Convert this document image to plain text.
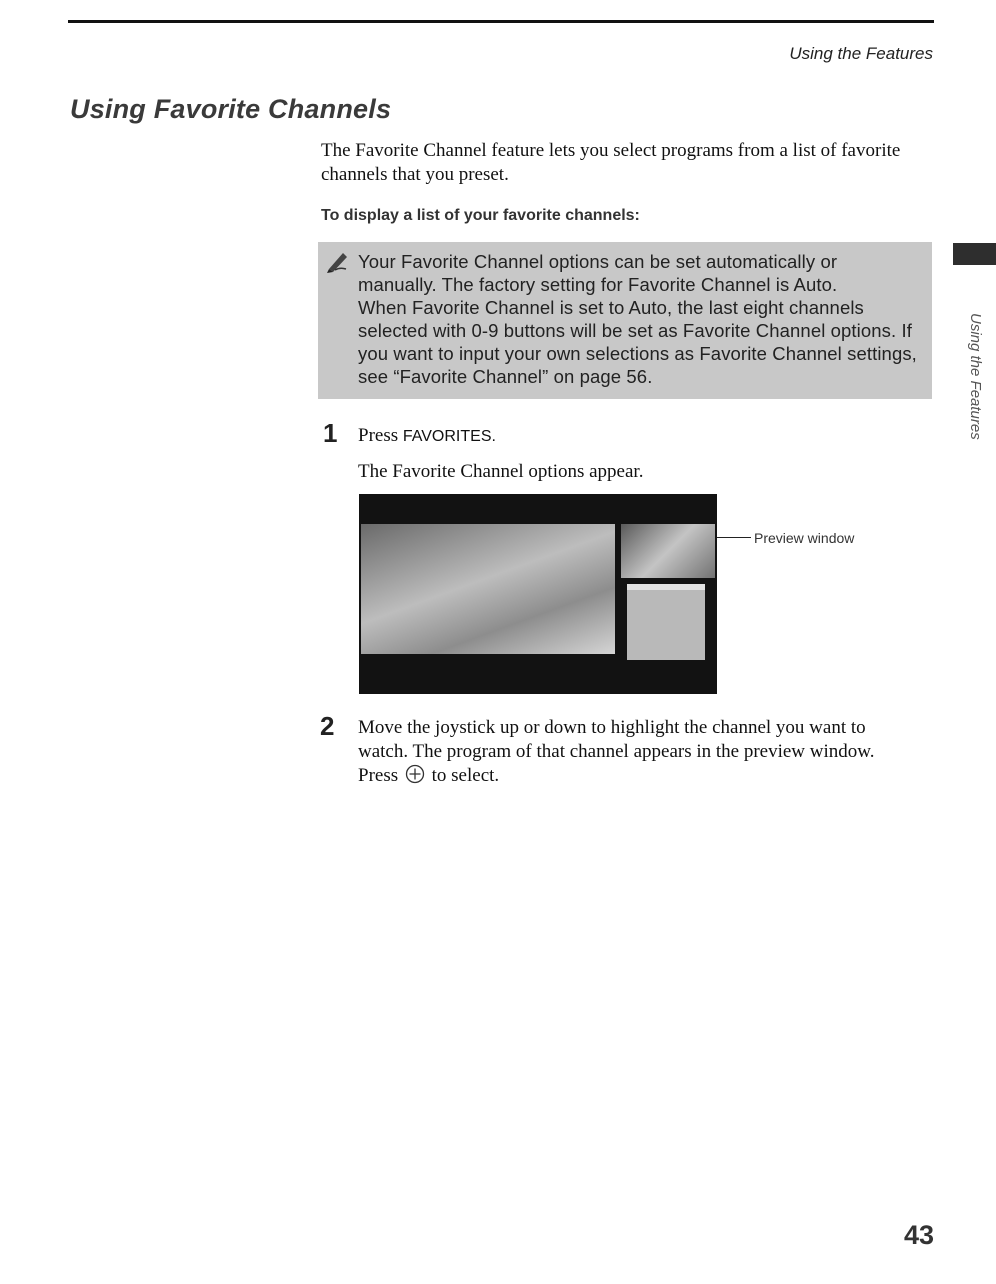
Using the Features
Using Favorite Channels
The Favorite Channel feature lets you select programs from a list of favorite channels that you preset.
To display a list of your favorite channels:

Your Favorite Channel options can be set automatically or manually. The factory setting for Favorite Channel is Auto.

When Favorite Channel is set to Auto, the last eight channels selected with 0-9 buttons will be set as Favorite Channel options. If you want to input your own selections as Favorite Channel settings, see “Favorite Channel” on page 56.

1 Press FAVORITES.
The Favorite Channel options appear.
Preview window
2 Move the joystick up or down to highlight the channel you want to watch. The program of that channel appears in the preview window.
Press to select.
Using the Features
43
